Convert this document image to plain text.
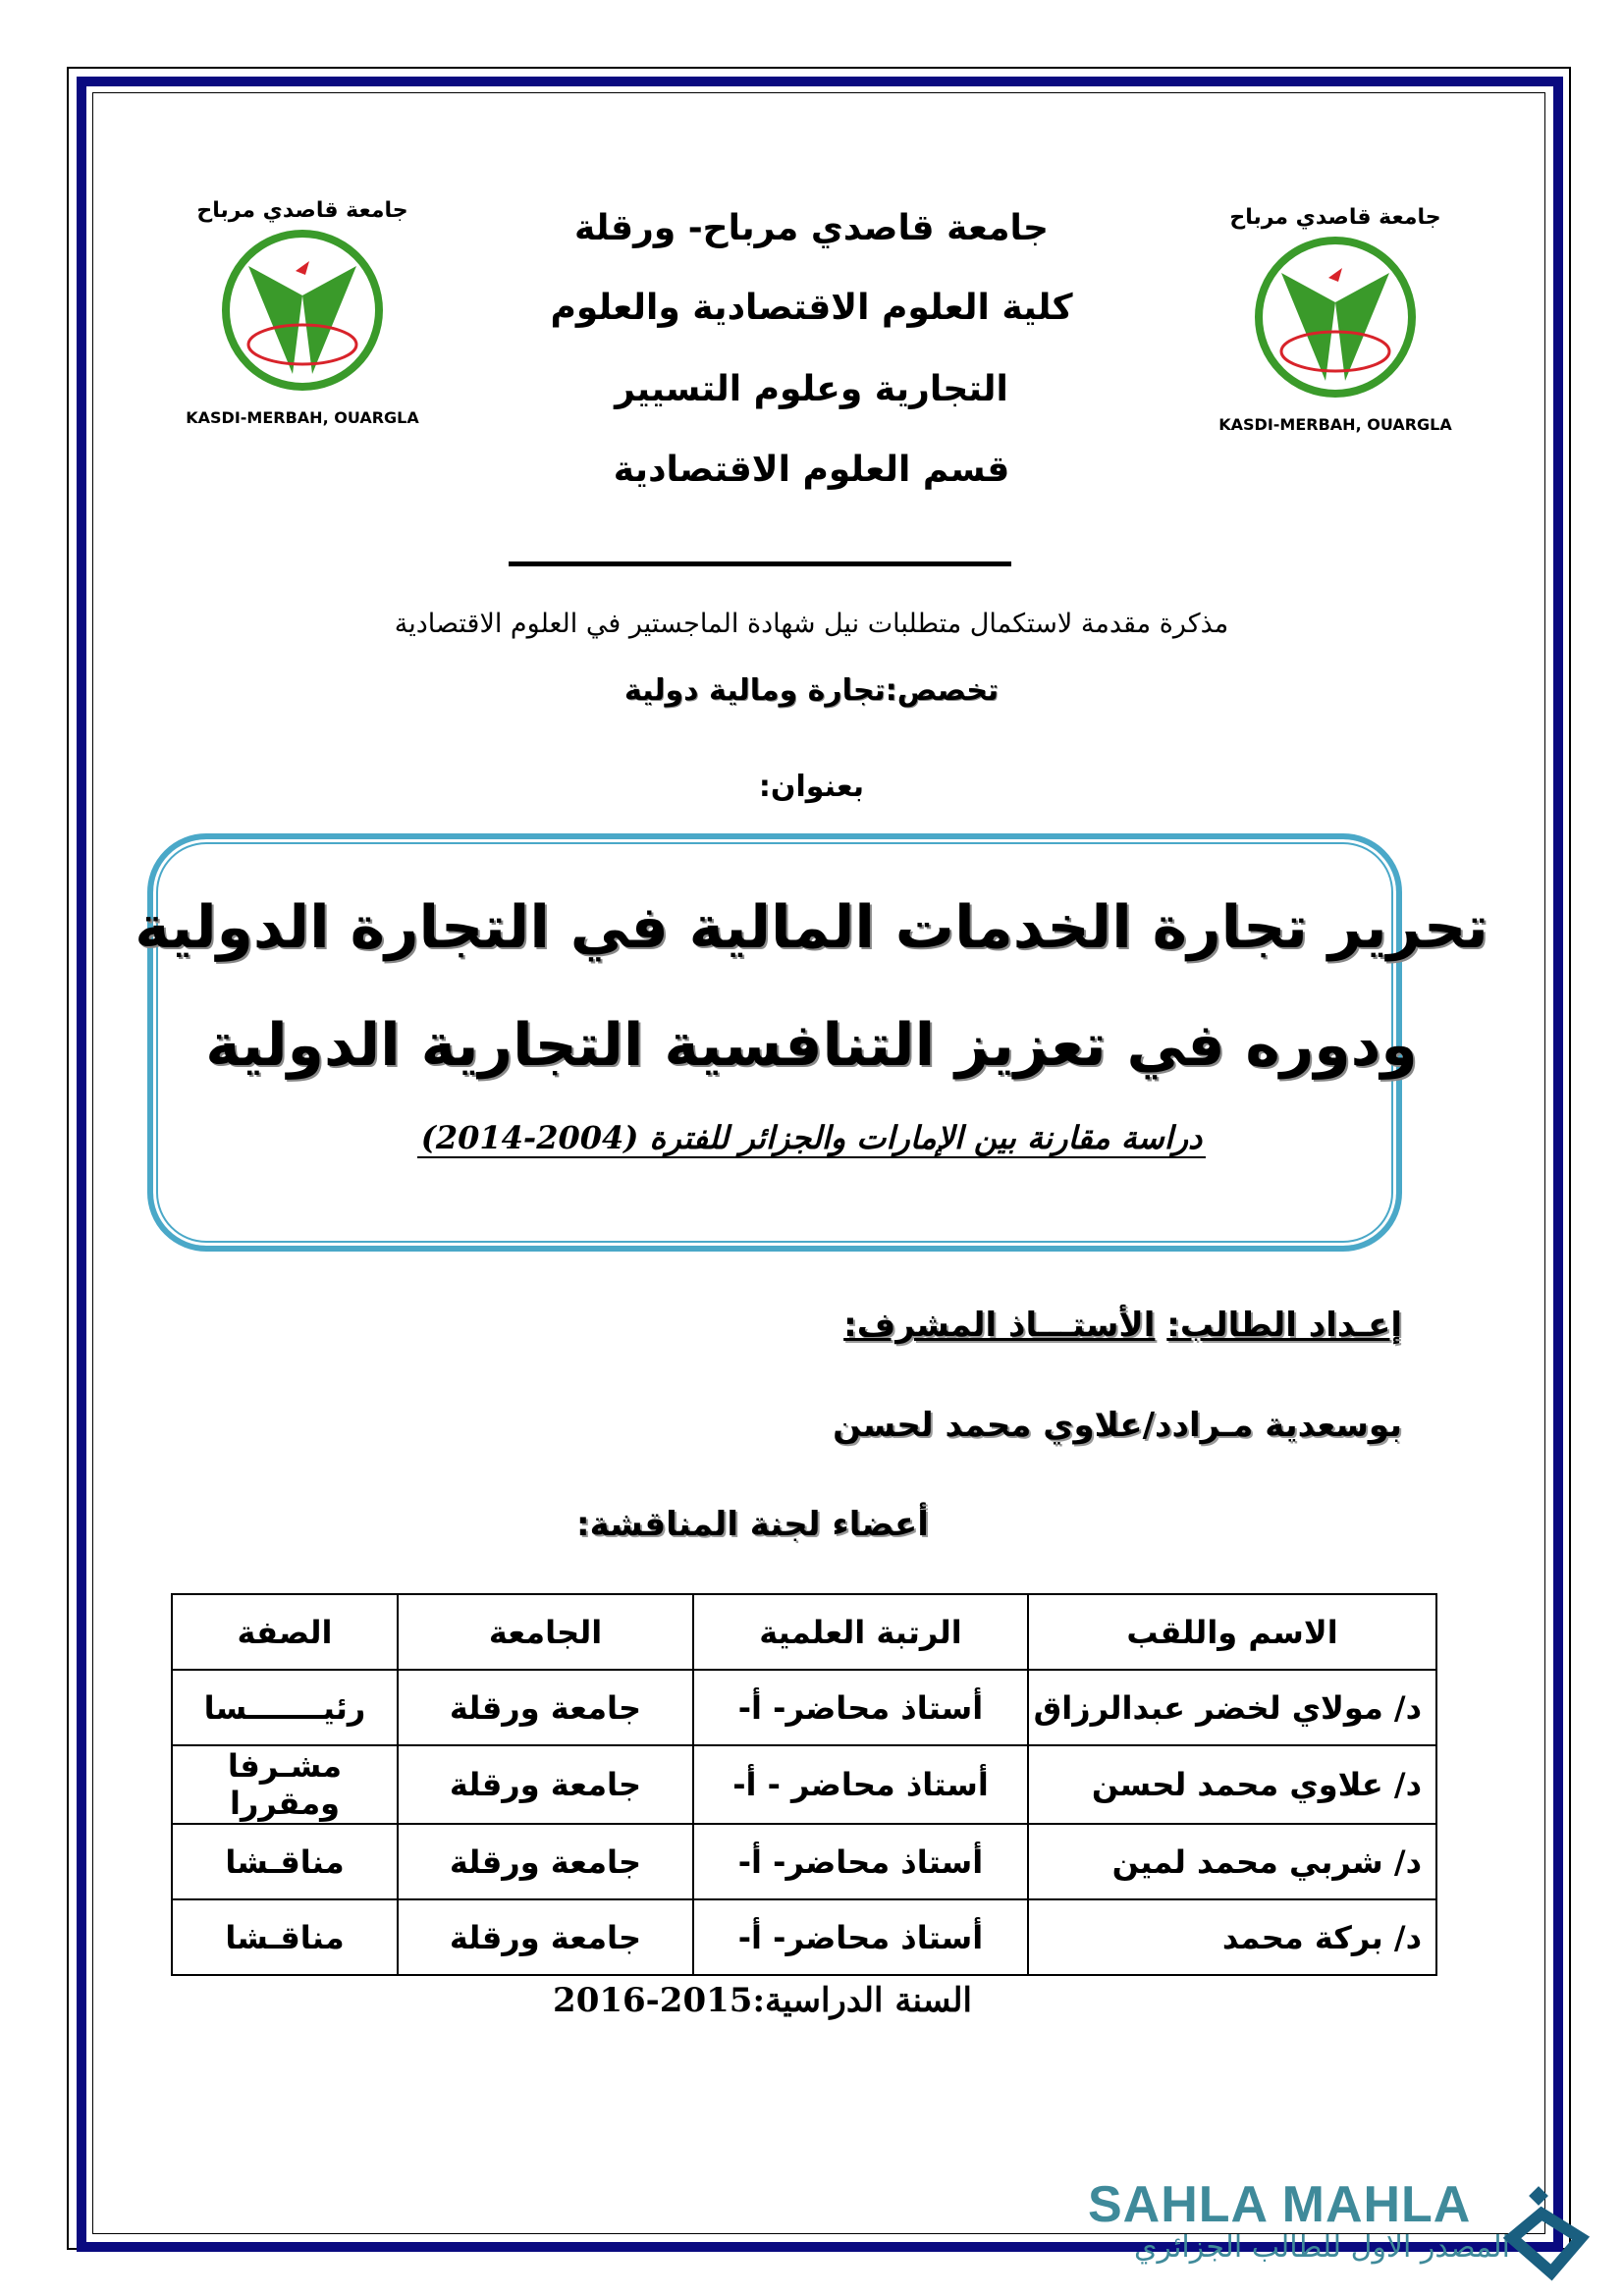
جامعة قاصدي مرباح
KASDI-MERBAH, OUARGLA
جامعة قاصدي مرباح
KASDI-MERBAH, OUARGLA
جامعة قاصدي مرباح- ورقلة
كلية العلوم الاقتصادية والعلوم
التجارية وعلوم التسيير
قسم العلوم الاقتصادية
مذكرة مقدمة لاستكمال متطلبات نيل شهادة الماجستير في العلوم الاقتصادية
تخصص:تجارة ومالية دولية
بعنوان:
تحرير تجارة الخدمات المالية في التجارة الدولية
ودوره في تعزيز التنافسية التجارية الدولية
دراسة مقارنة بين الإمارات والجزائر للفترة (2004-2014)
إعـداد الطالب: الأستـــاذ المشرف:
بوسعدية مـرادد/علاوي محمد لحسن
أعضاء لجنة المناقشة:
الاسم واللقب	الرتبة العلمية	الجامعة	الصفة
د/ مولاي لخضر عبدالرزاق	أستاذ محاضر- أ-	جامعة ورقلة	رئيـــــــسا
د/ علاوي محمد لحسن	أستاذ محاضر - أ-	جامعة ورقلة	مشـرفا ومقررا
د/ شربي محمد لمين	أستاذ محاضر- أ-	جامعة ورقلة	مناقـشا
د/ بركة محمد	أستاذ محاضر- أ-	جامعة ورقلة	مناقـشا
السنة الدراسية:2015-2016
SAHLA MAHLA
المصدر الاول للطالب الجزائري
